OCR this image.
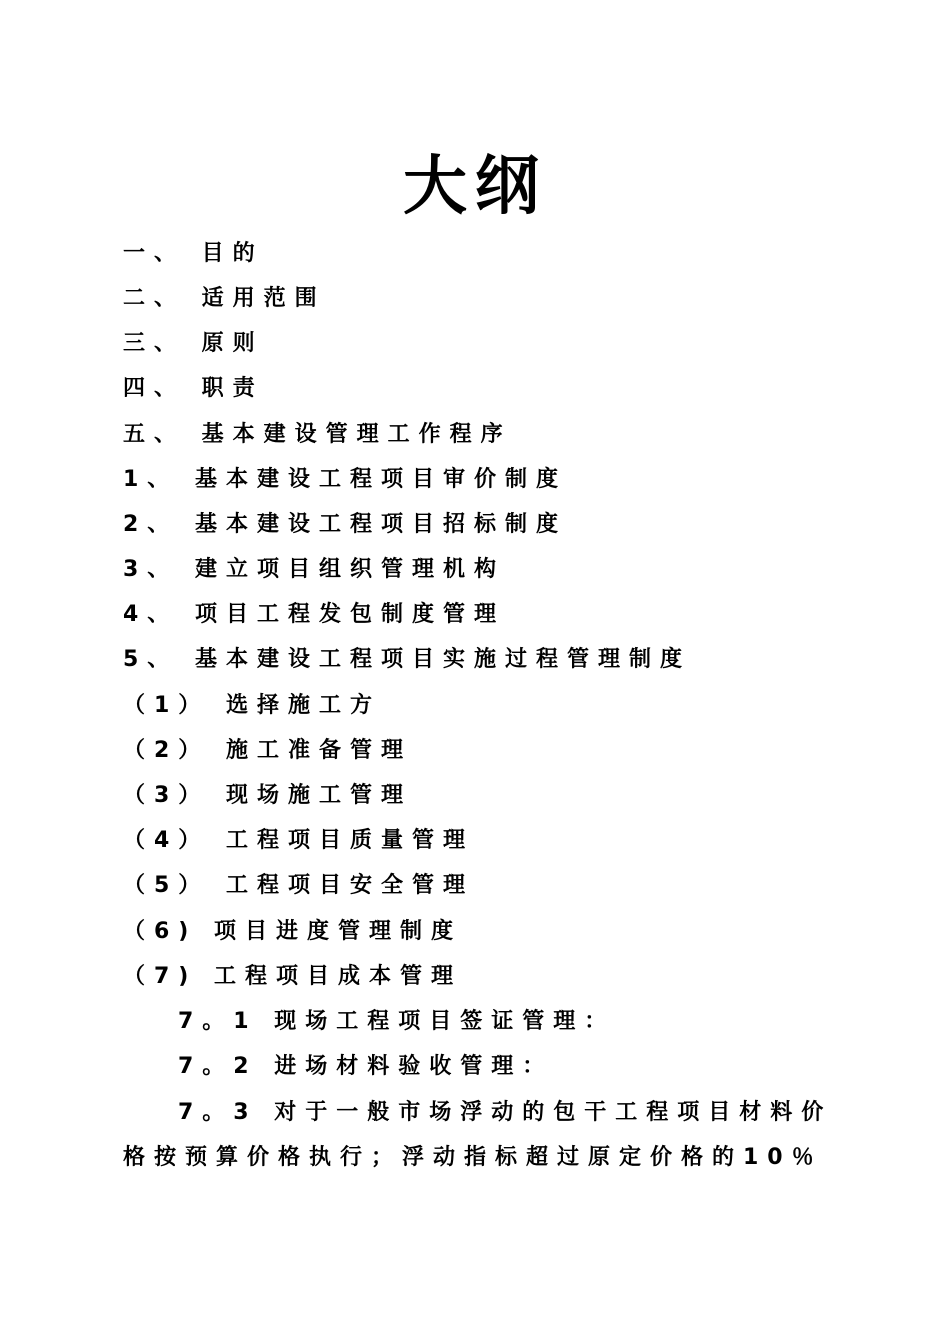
大纲
一、 目的
二、 适用范围
三、 原则
四、 职责
五、 基本建设管理工作程序
1、 基本建设工程项目审价制度
2、 基本建设工程项目招标制度
3、 建立项目组织管理机构
4、 项目工程发包制度管理
5、 基本建设工程项目实施过程管理制度
（1） 选择施工方
（2） 施工准备管理
（3） 现场施工管理
（4） 工程项目质量管理
（5） 工程项目安全管理
（6) 项目进度管理制度
（7) 工程项目成本管理
7。1 现场工程项目签证管理：
7。2 进场材料验收管理：
7。3 对于一般市场浮动的包干工程项目材料价
格按预算价格执行；浮动指标超过原定价格的10％
